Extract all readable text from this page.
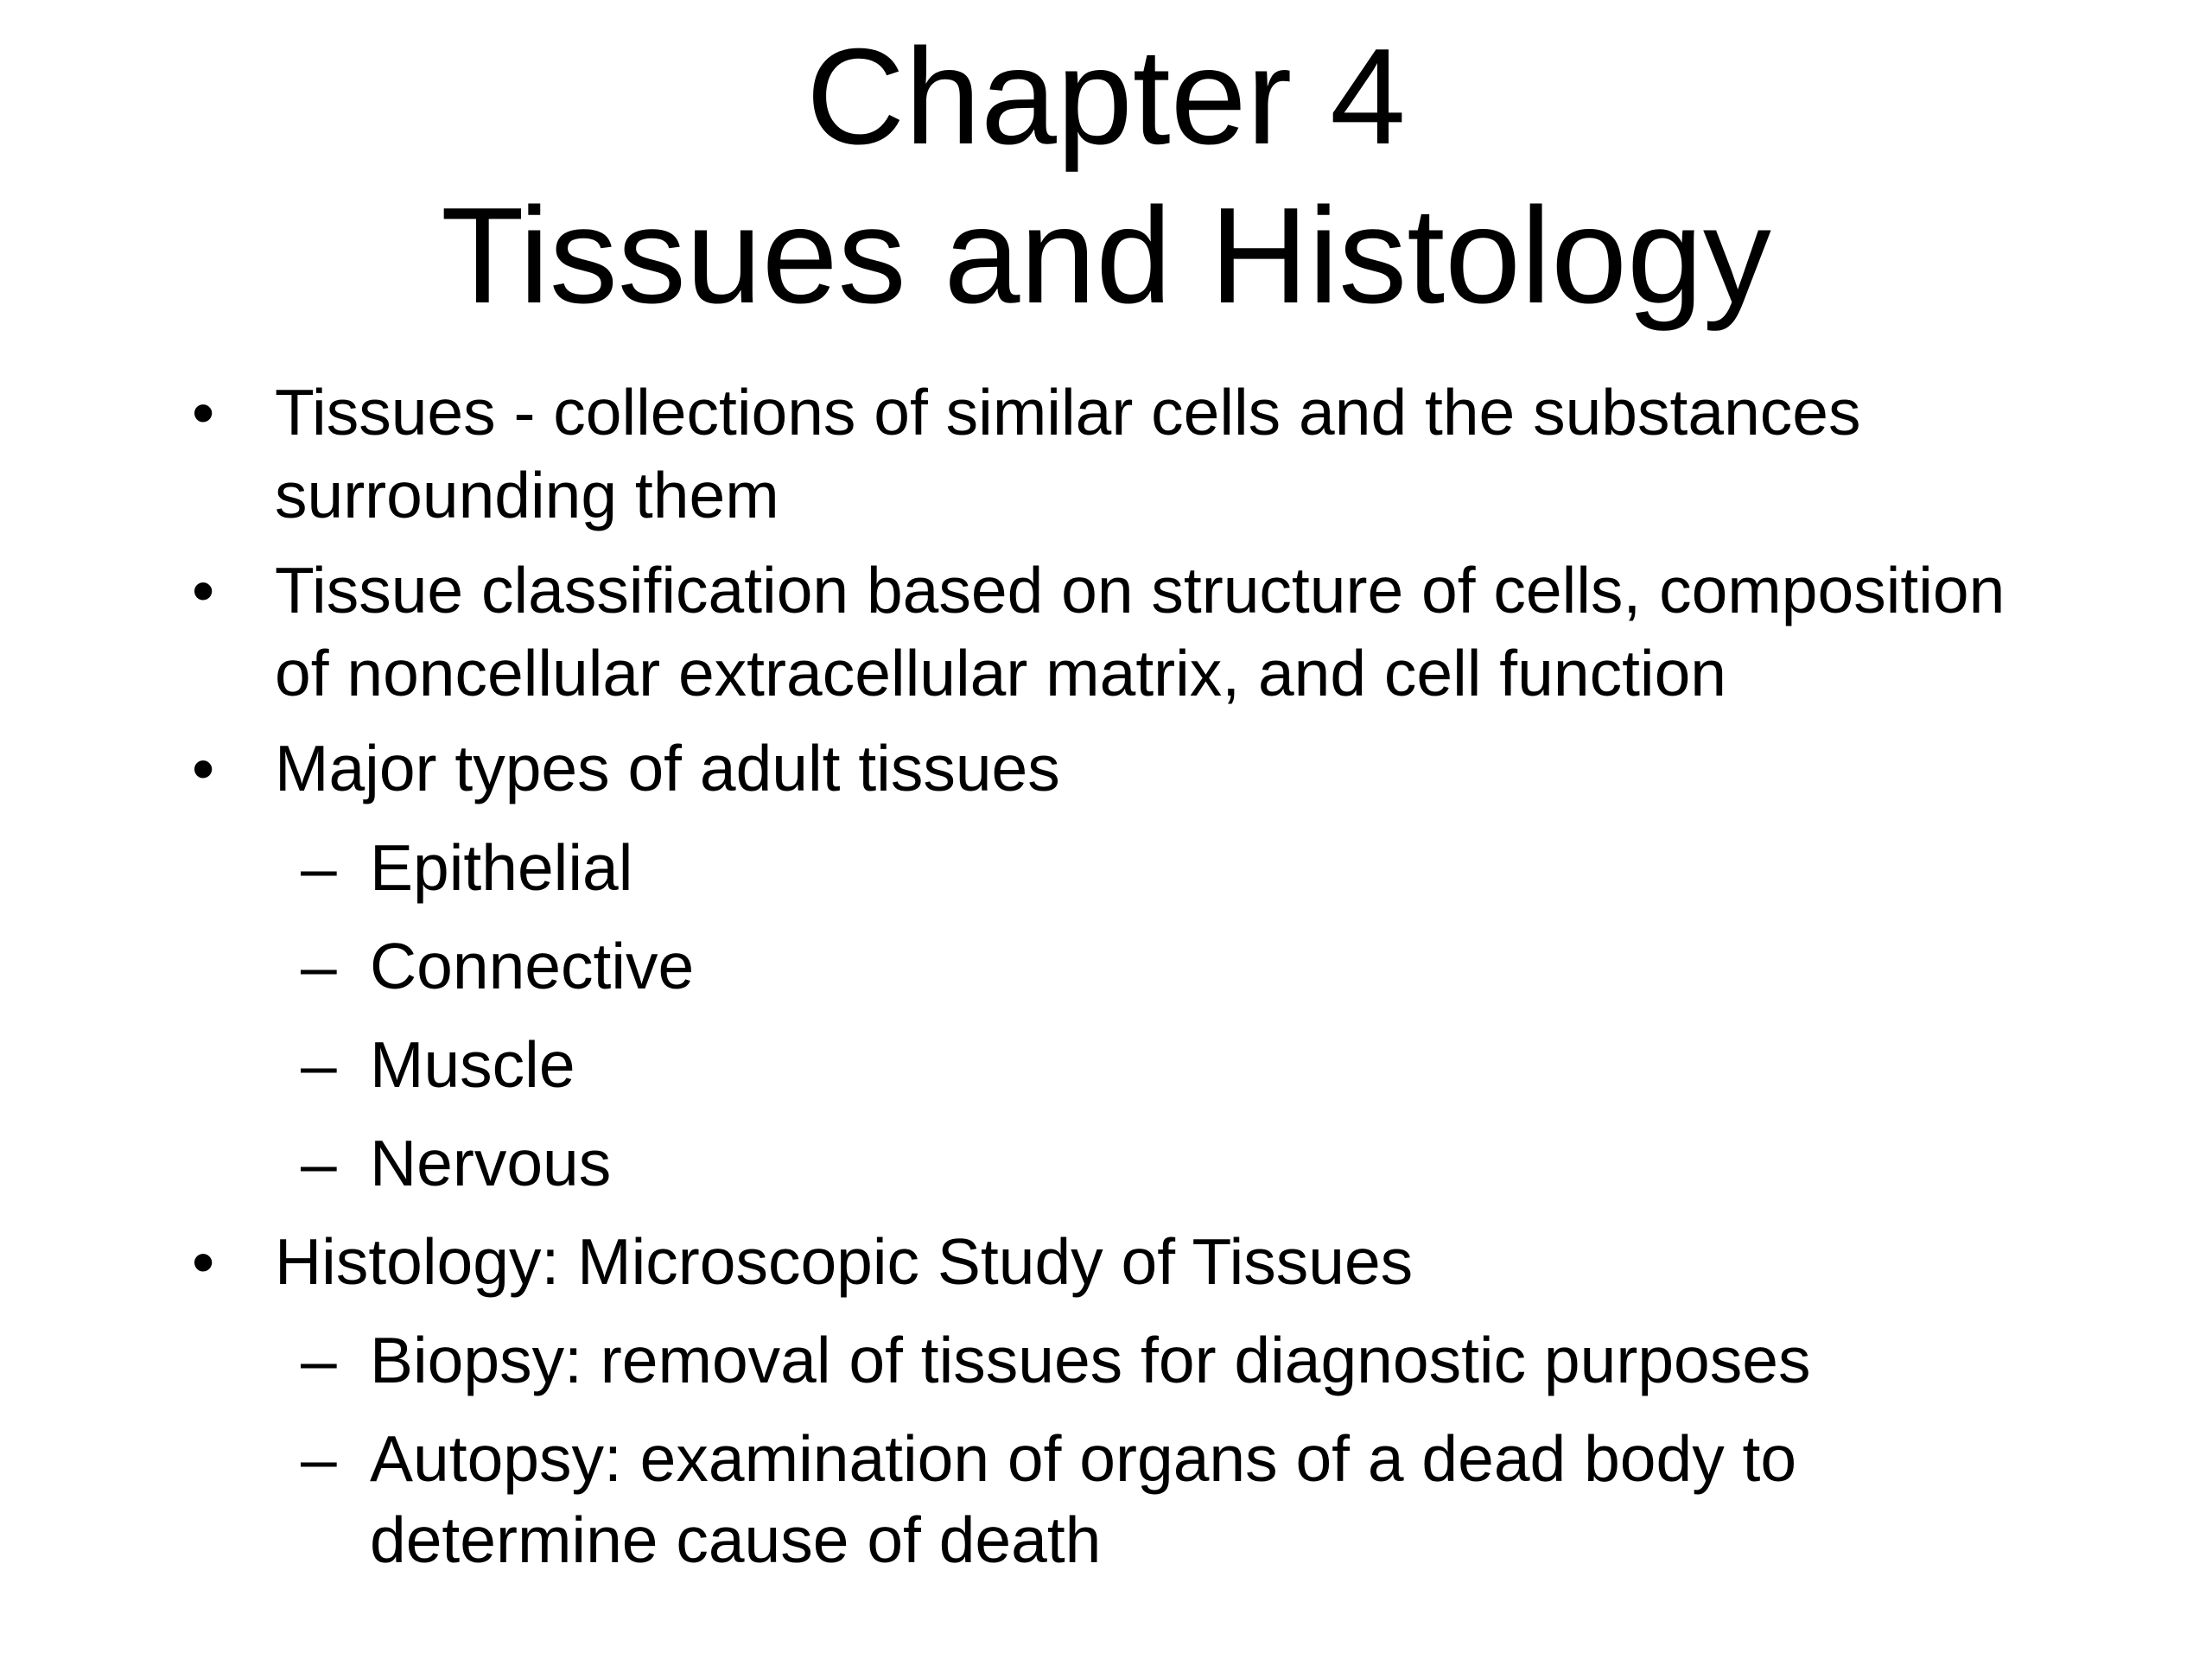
Chapter 4
Tissues and Histology
• Tissues - collections of similar cells and the substances
surrounding them
• Tissue classification based on structure of cells, composition
of noncellular extracellular matrix, and cell function
• Major types of adult tissues
– Epithelial
– Connective
– Muscle
– Nervous
• Histology: Microscopic Study of Tissues
– Biopsy: removal of tissues for diagnostic purposes
– Autopsy: examination of organs of a dead body to
determine cause of death
